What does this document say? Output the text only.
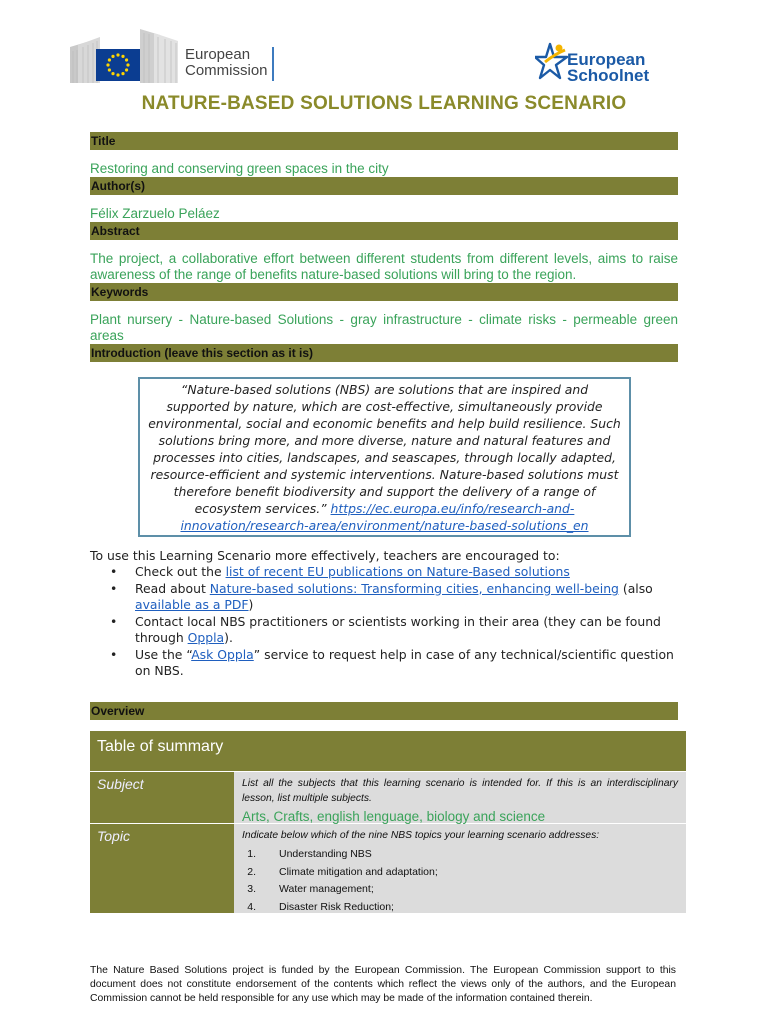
European
Commission
European
Schoolnet
NATURE-BASED SOLUTIONS LEARNING SCENARIO
Title
Restoring and conserving green spaces in the city
Author(s)
Félix Zarzuelo Peláez
Abstract
The project, a collaborative effort between different students from different levels, aims to raise awareness of the range of benefits nature-based solutions will bring to the region.
Keywords
Plant nursery - Nature-based Solutions - gray infrastructure - climate risks - permeable green areas
Introduction (leave this section as it is)
“Nature-based solutions (NBS) are solutions that are inspired and supported by nature, which are cost-effective, simultaneously provide environmental, social and economic benefits and help build resilience. Such solutions bring more, and more diverse, nature and natural features and processes into cities, landscapes, and seascapes, through locally adapted, resource-efficient and systemic interventions. Nature-based solutions must therefore benefit biodiversity and support the delivery of a range of ecosystem services.” https://ec.europa.eu/info/research-and-innovation/research-area/environment/nature-based-solutions_en
To use this Learning Scenario more effectively, teachers are encouraged to:
• Check out the list of recent EU publications on Nature-Based solutions
• Read about Nature-based solutions: Transforming cities, enhancing well-being (also available as a PDF)
• Contact local NBS practitioners or scientists working in their area (they can be found through Oppla).
• Use the “Ask Oppla” service to request help in case of any technical/scientific question on NBS.
Overview
Table of summary
Subject	List all the subjects that this learning scenario is intended for. If this is an interdisciplinary lesson, list multiple subjects.
Arts, Crafts, english lenguage, biology and science
Topic	Indicate below which of the nine NBS topics your learning scenario addresses:
1. Understanding NBS
2. Climate mitigation and adaptation;
3. Water management;
4. Disaster Risk Reduction;
The Nature Based Solutions project is funded by the European Commission. The European Commission support to this document does not constitute endorsement of the contents which reflect the views only of the authors, and the European Commission cannot be held responsible for any use which may be made of the information contained therein.
